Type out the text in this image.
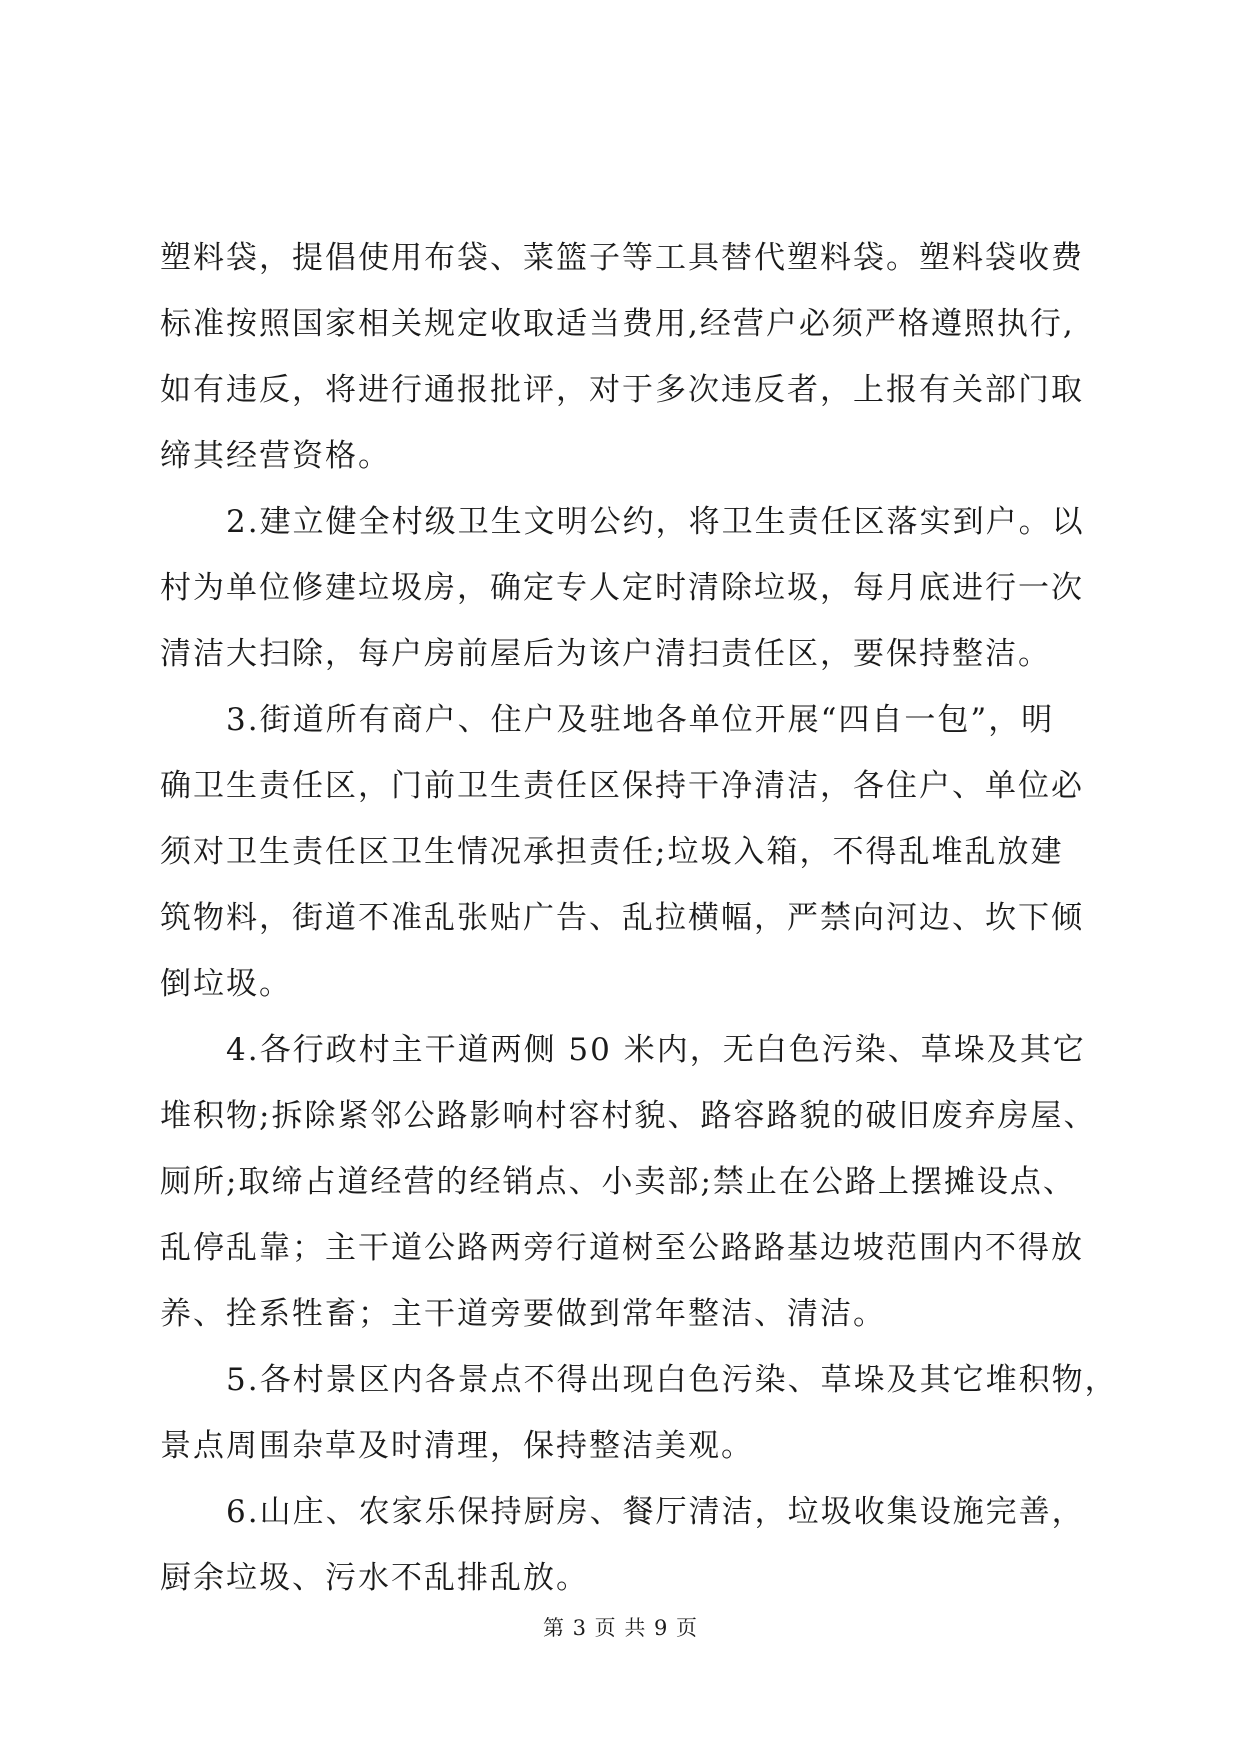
塑料袋，提倡使用布袋、菜篮子等工具替代塑料袋。塑料袋收费
标准按照国家相关规定收取适当费用,经营户必须严格遵照执行,
如有违反，将进行通报批评，对于多次违反者，上报有关部门取
缔其经营资格。
2.建立健全村级卫生文明公约，将卫生责任区落实到户。以
村为单位修建垃圾房，确定专人定时清除垃圾，每月底进行一次
清洁大扫除，每户房前屋后为该户清扫责任区，要保持整洁。
3.街道所有商户、住户及驻地各单位开展“四自一包”，明
确卫生责任区，门前卫生责任区保持干净清洁，各住户、单位必
须对卫生责任区卫生情况承担责任;垃圾入箱，不得乱堆乱放建
筑物料，街道不准乱张贴广告、乱拉横幅，严禁向河边、坎下倾
倒垃圾。
4.各行政村主干道两侧 50 米内，无白色污染、草垛及其它
堆积物;拆除紧邻公路影响村容村貌、路容路貌的破旧废弃房屋、
厕所;取缔占道经营的经销点、小卖部;禁止在公路上摆摊设点、
乱停乱靠；主干道公路两旁行道树至公路路基边坡范围内不得放
养、拴系牲畜；主干道旁要做到常年整洁、清洁。
5.各村景区内各景点不得出现白色污染、草垛及其它堆积物，
景点周围杂草及时清理，保持整洁美观。
6.山庄、农家乐保持厨房、餐厅清洁，垃圾收集设施完善，
厨余垃圾、污水不乱排乱放。
第 3 页 共 9 页
